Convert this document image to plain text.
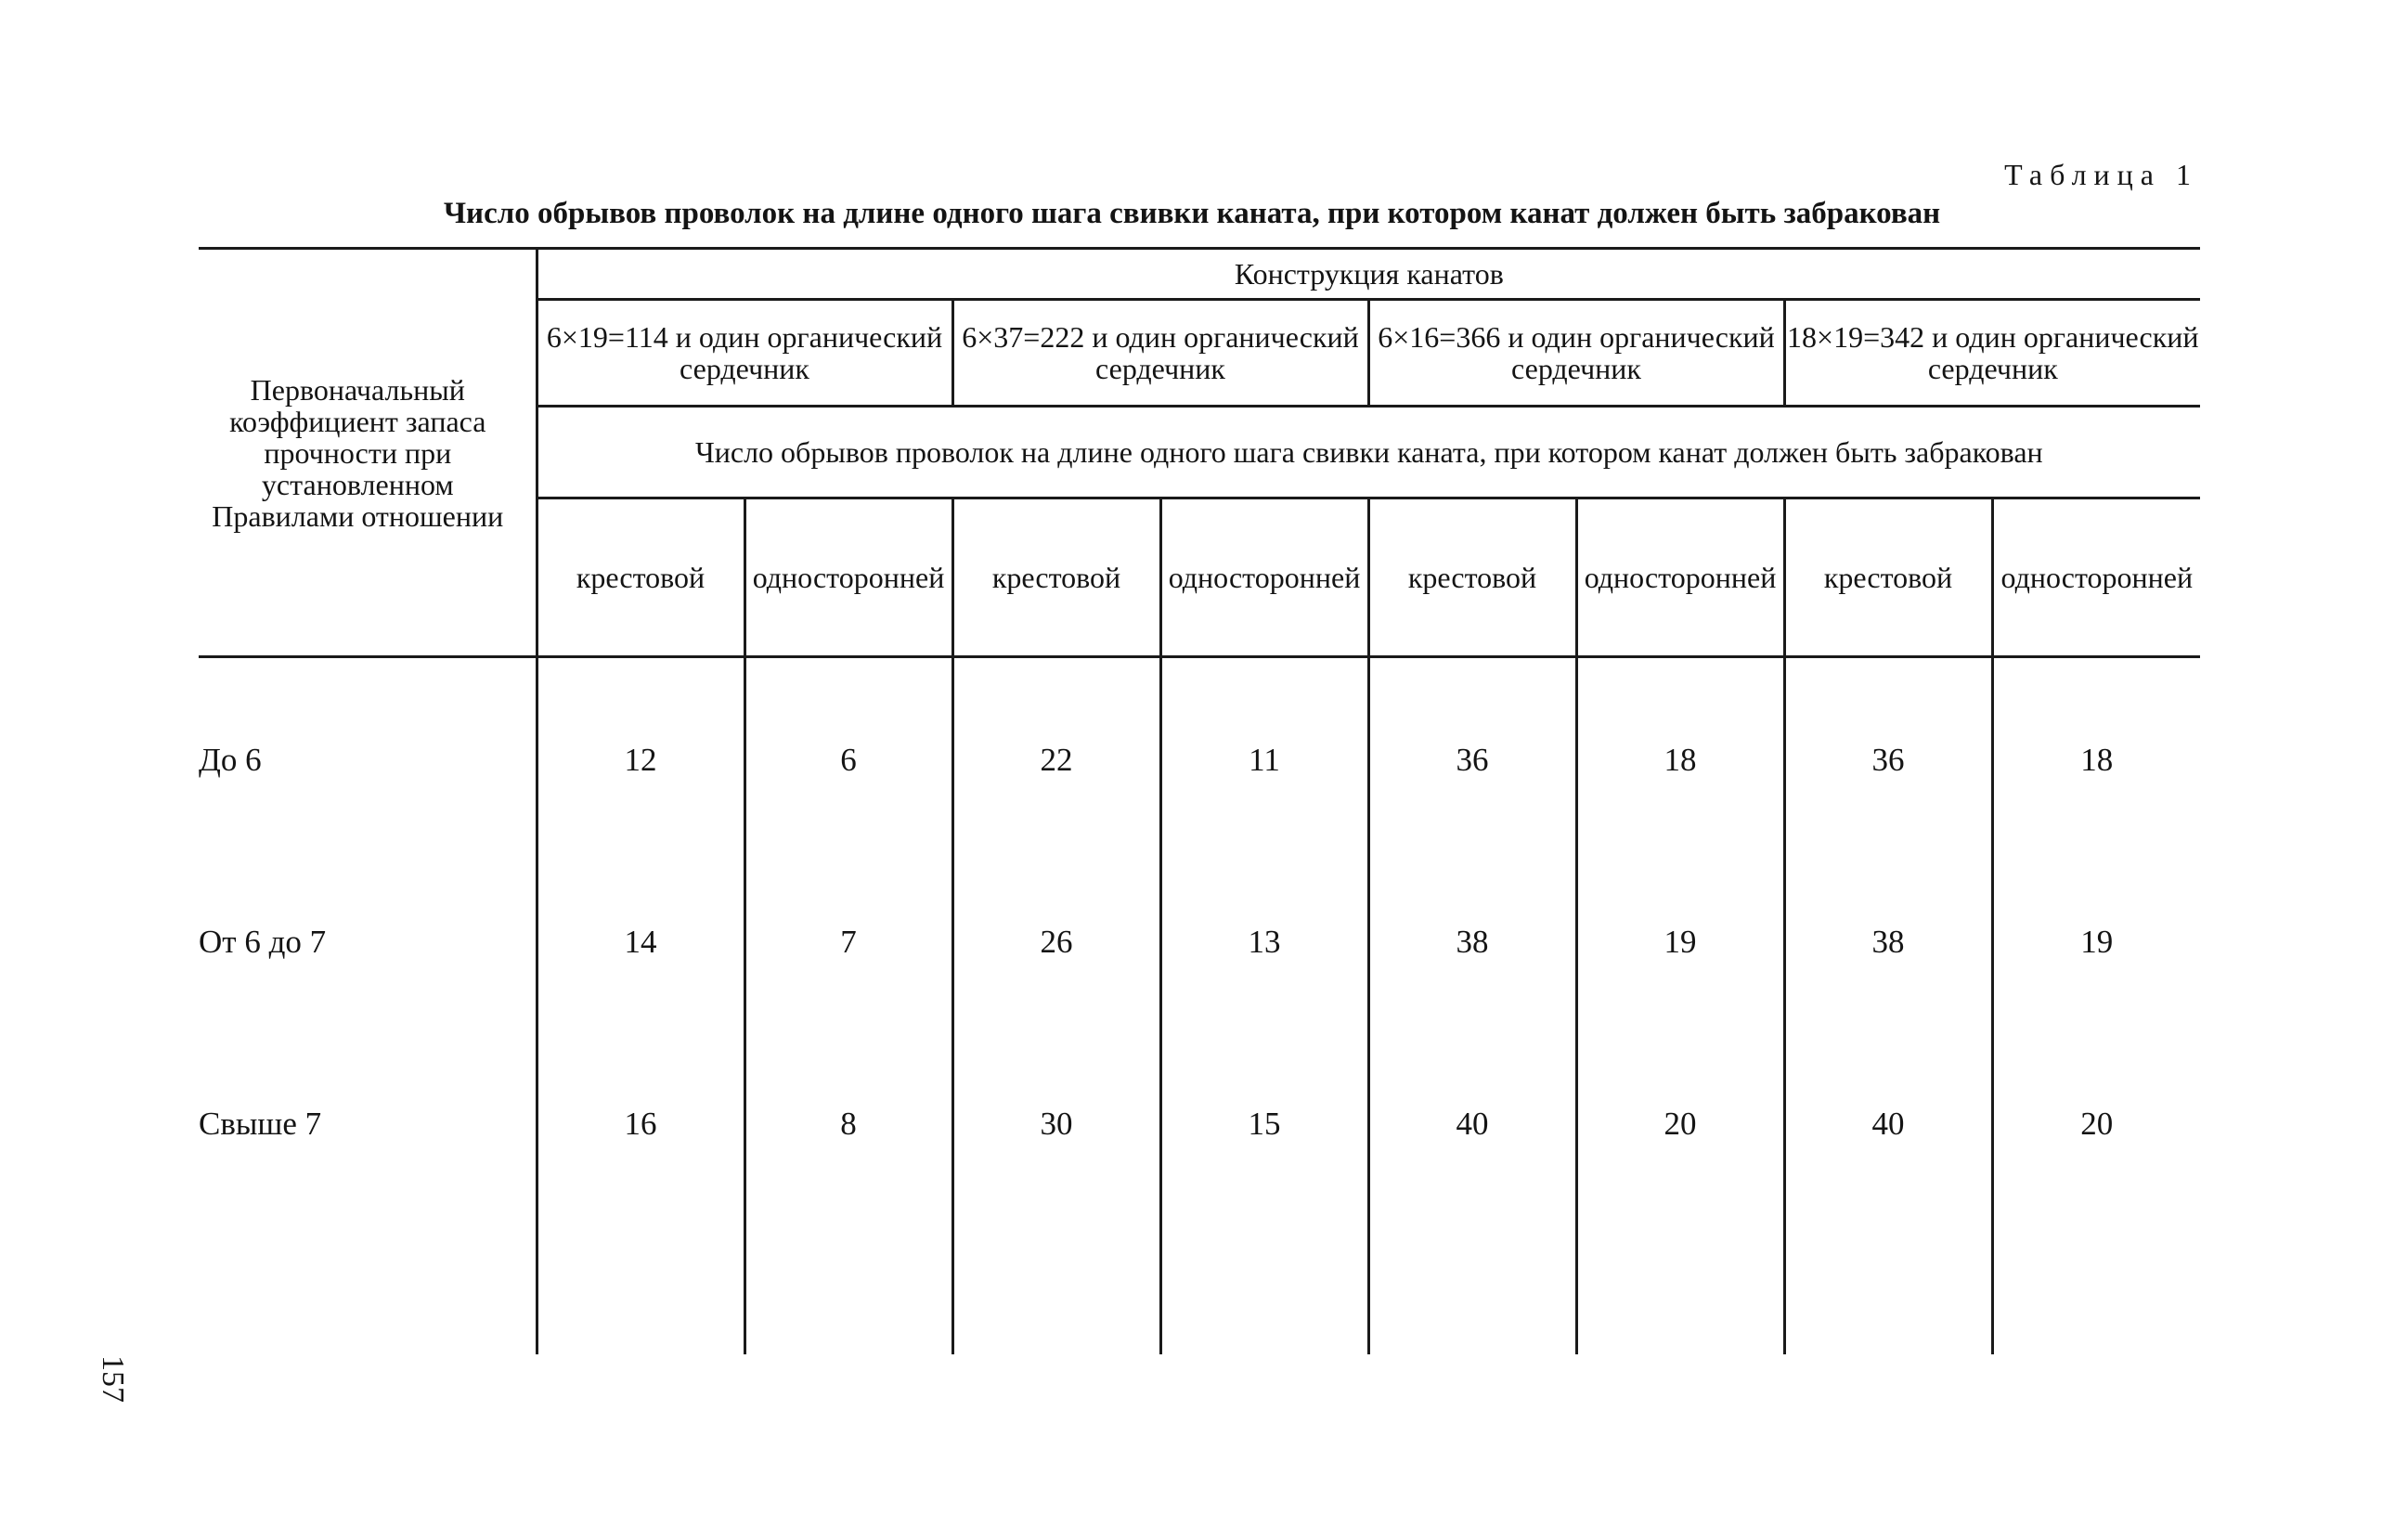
Таблица 1
Число обрывов проволок на длине одного шага свивки каната, при котором канат должен быть забракован
Первоначальный коэффициент запаса прочности при установленном Правилами отношении	Конструкция канатов							
	6×19=114 и один органический сердечник		6×37=222 и один органический сердечник		6×16=366 и один органический сердечник		18×19=342 и один органический сердечник	
	Число обрывов проволок на длине одного шага свивки каната, при котором канат должен быть забракован							
	крестовой	односторонней	крестовой	односторонней	крестовой	односторонней	крестовой	односторонней

До 6	12	6	22	11	36	18	36	18
От 6 до 7	14	7	26	13	38	19	38	19
Свыше 7	16	8	30	15	40	20	40	20

157
